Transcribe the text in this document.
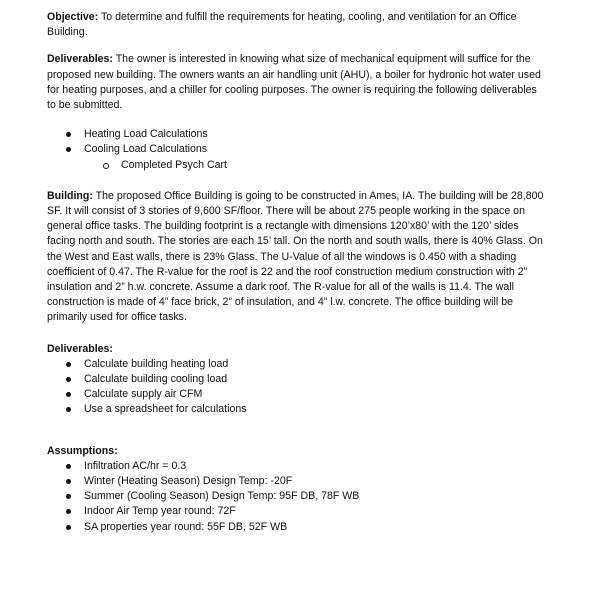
Objective: To determine and fulfill the requirements for heating, cooling, and ventilation for an Office Building.

Deliverables: The owner is interested in knowing what size of mechanical equipment will suffice for the proposed new building. The owners wants an air handling unit (AHU), a boiler for hydronic hot water used for heating purposes, and a chiller for cooling purposes. The owner is requiring the following deliverables to be submitted.

Heating Load Calculations
Cooling Load Calculations
Completed Psych Cart

Building: The proposed Office Building is going to be constructed in Ames, IA. The building will be 28,800 SF. It will consist of 3 stories of 9,600 SF/floor. There will be about 275 people working in the space on general office tasks. The building footprint is a rectangle with dimensions 120’x80’ with the 120’ sides facing north and south. The stories are each 15’ tall. On the north and south walls, there is 40% Glass. On the West and East walls, there is 23% Glass. The U-Value of all the windows is 0.450 with a shading coefficient of 0.47. The R-value for the roof is 22 and the roof construction medium construction with 2” insulation and 2” h.w. concrete. Assume a dark roof. The R-value for all of the walls is 11.4. The wall construction is made of 4” face brick, 2” of insulation, and 4” l.w. concrete. The office building will be primarily used for office tasks.

Deliverables:

Calculate building heating load
Calculate building cooling load
Calculate supply air CFM
Use a spreadsheet for calculations

Assumptions:

Infiltration AC/hr = 0.3
Winter (Heating Season) Design Temp: -20F
Summer (Cooling Season) Design Temp: 95F DB, 78F WB
Indoor Air Temp year round: 72F
SA properties year round: 55F DB, 52F WB
